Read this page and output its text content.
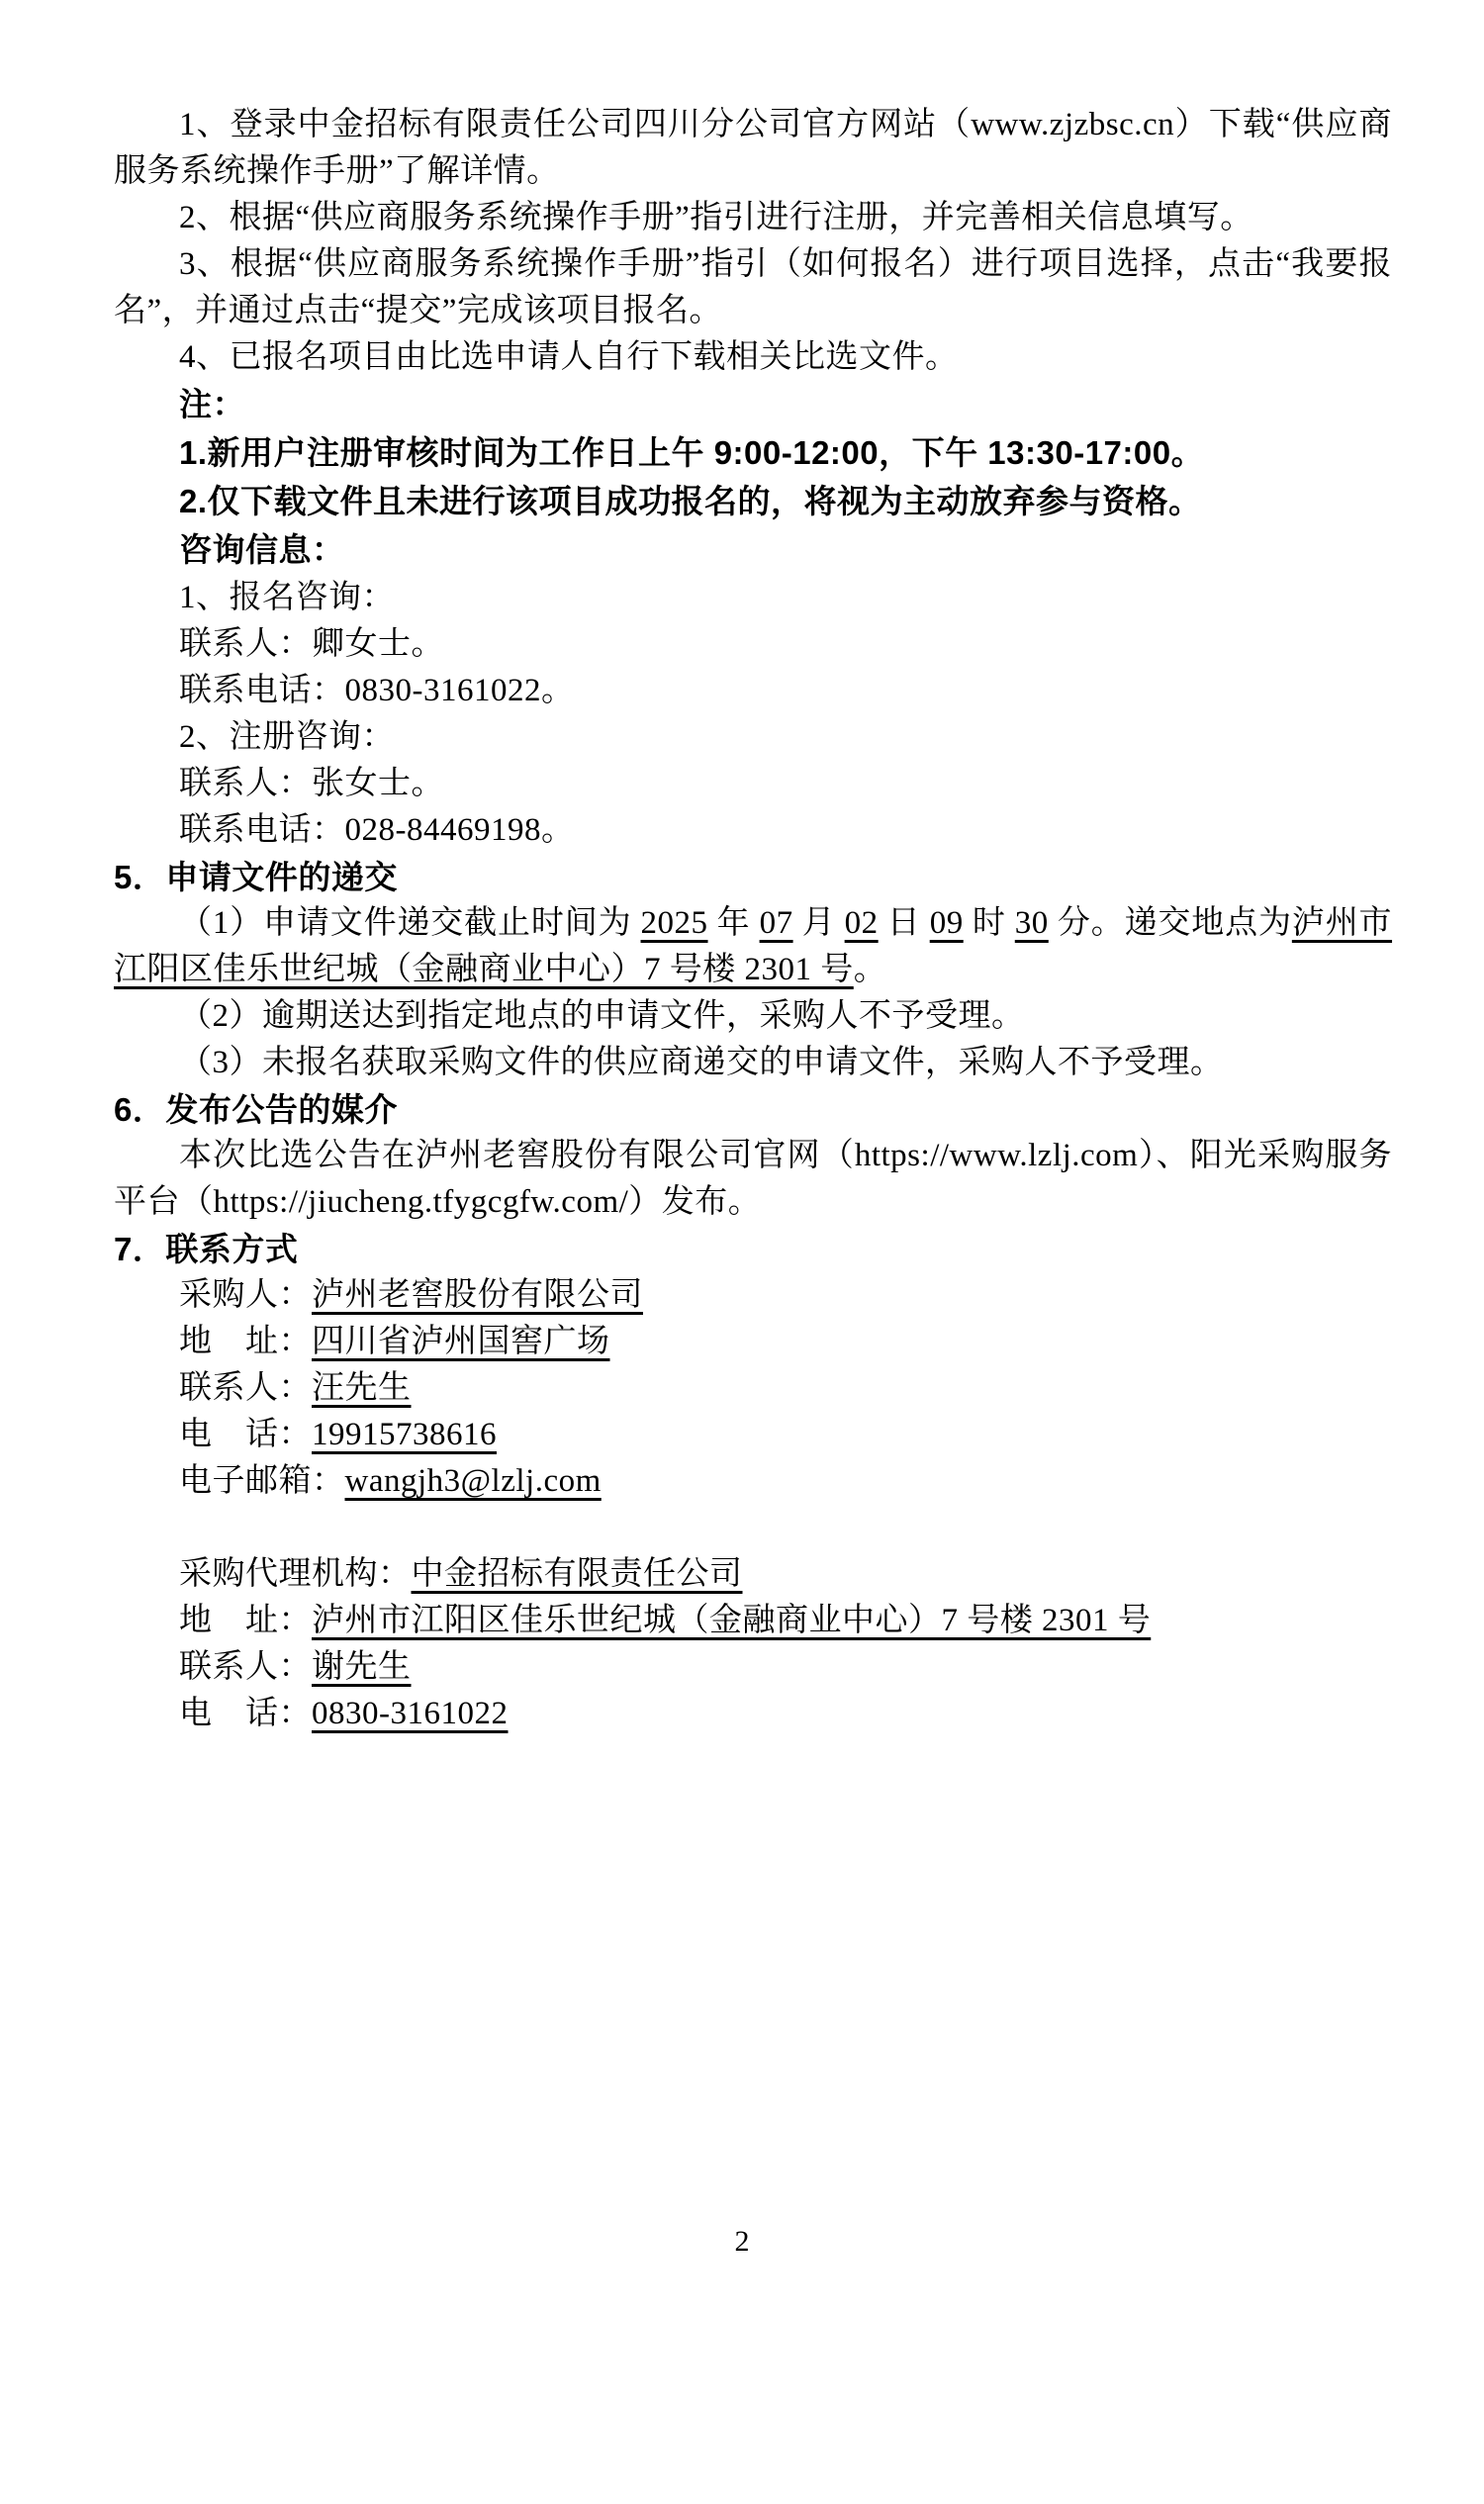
1、登录中金招标有限责任公司四川分公司官方网站（www.zjzbsc.cn）下载“供应商服务系统操作手册”了解详情。

2、根据“供应商服务系统操作手册”指引进行注册，并完善相关信息填写。

3、根据“供应商服务系统操作手册”指引（如何报名）进行项目选择，点击“我要报名”，并通过点击“提交”完成该项目报名。

4、已报名项目由比选申请人自行下载相关比选文件。

注：

1.新用户注册审核时间为工作日上午 9:00-12:00，下午 13:30-17:00。

2.仅下载文件且未进行该项目成功报名的，将视为主动放弃参与资格。

咨询信息：

1、报名咨询：

联系人：卿女士。

联系电话：0830-3161022。

2、注册咨询：

联系人：张女士。

联系电话：028-84469198。

5．申请文件的递交

（1）申请文件递交截止时间为 2025 年 07 月 02 日 09 时 30 分。递交地点为泸州市江阳区佳乐世纪城（金融商业中心）7 号楼 2301 号。

（2）逾期送达到指定地点的申请文件，采购人不予受理。

（3）未报名获取采购文件的供应商递交的申请文件，采购人不予受理。

6．发布公告的媒介

本次比选公告在泸州老窖股份有限公司官网（https://www.lzlj.com）、阳光采购服务平台（https://jiucheng.tfygcgfw.com/）发布。

7．联系方式

采购人：泸州老窖股份有限公司

地　址：四川省泸州国窖广场

联系人：汪先生

电　话：19915738616

电子邮箱：wangjh3@lzlj.com

采购代理机构：中金招标有限责任公司

地　址：泸州市江阳区佳乐世纪城（金融商业中心）7 号楼 2301 号

联系人：谢先生

电　话：0830-3161022

2
